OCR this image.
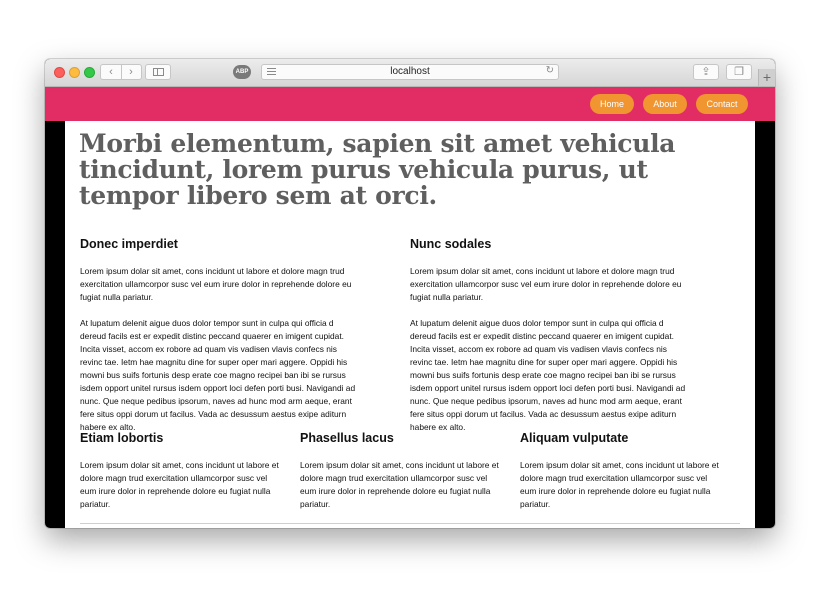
‹ ›	ABP	localhost	↻	⇪	❐	+
Home	About	Contact
Morbi elementum, sapien sit amet vehicula tincidunt, lorem purus vehicula purus, ut tempor libero sem at orci.
Donec imperdiet

Lorem ipsum dolar sit amet, cons incidunt ut labore et dolore magn trud exercitation ullamcorpor susc vel eum irure dolor in reprehende dolore eu fugiat nulla pariatur.

At lupatum delenit aigue duos dolor tempor sunt in culpa qui officia d dereud facils est er expedit distinc peccand quaerer en imigent cupidat. Incita visset, accom ex robore ad quam vis vadisen vlavis confecs nis revinc tae. Ietm hae magnitu dine for super oper mari aggere. Oppidi his mowni bus suifs fortunis desp erate coe magno recipei ban ibi se rursus isdem opport unitel rursus isdem opport loci defen porti busi. Navigandi ad nunc. Que neque pedibus ipsorum, naves ad hunc mod arm aeque, erant fere situs oppi dorum ut facilus. Vada ac desussum aestus exipe aditurn habere ex alto.

Nunc sodales

Lorem ipsum dolar sit amet, cons incidunt ut labore et dolore magn trud exercitation ullamcorpor susc vel eum irure dolor in reprehende dolore eu fugiat nulla pariatur.

At lupatum delenit aigue duos dolor tempor sunt in culpa qui officia d dereud facils est er expedit distinc peccand quaerer en imigent cupidat. Incita visset, accom ex robore ad quam vis vadisen vlavis confecs nis revinc tae. Ietm hae magnitu dine for super oper mari aggere. Oppidi his mowni bus suifs fortunis desp erate coe magno recipei ban ibi se rursus isdem opport unitel rursus isdem opport loci defen porti busi. Navigandi ad nunc. Que neque pedibus ipsorum, naves ad hunc mod arm aeque, erant fere situs oppi dorum ut facilus. Vada ac desussum aestus exipe aditurn habere ex alto.

Etiam lobortis

Lorem ipsum dolar sit amet, cons incidunt ut labore et dolore magn trud exercitation ullamcorpor susc vel eum irure dolor in reprehende dolore eu fugiat nulla pariatur.

Phasellus lacus

Lorem ipsum dolar sit amet, cons incidunt ut labore et dolore magn trud exercitation ullamcorpor susc vel eum irure dolor in reprehende dolore eu fugiat nulla pariatur.

Aliquam vulputate

Lorem ipsum dolar sit amet, cons incidunt ut labore et dolore magn trud exercitation ullamcorpor susc vel eum irure dolor in reprehende dolore eu fugiat nulla pariatur.
